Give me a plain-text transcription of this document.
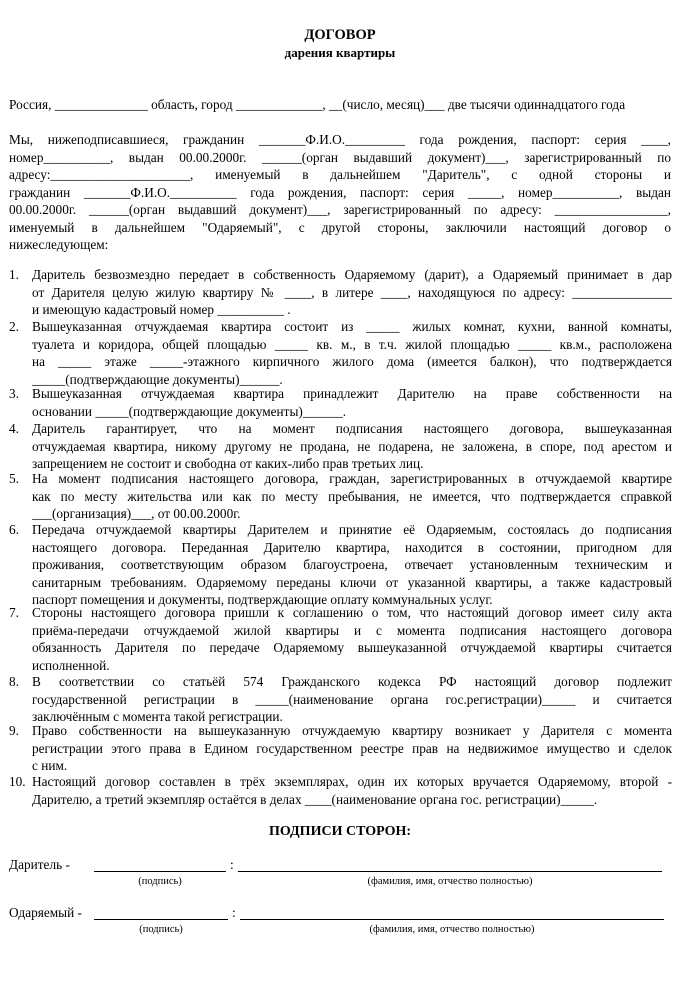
ДОГОВОР
дарения квартиры
Россия, ______________ область, город _____________, __(число, месяц)___ две тысячи одиннадцатого года
Мы, нижеподписавшиеся, гражданин _______Ф.И.О._________ года рождения, паспорт: серия ____,
номер__________, выдан 00.00.2000г. ______(орган выдавший документ)___, зарегистрированный по
адресу:_____________________, именуемый в дальнейшем "Даритель", с одной стороны и
гражданин _______Ф.И.О.__________ года рождения, паспорт: серия _____, номер__________, выдан
00.00.2000г. ______(орган выдавший документ)___, зарегистрированный по адресу: _________________,
именуемый в дальнейшем "Одаряемый", с другой стороны, заключили настоящий договор о
нижеследующем:
1. Даритель безвозмездно передает в собственность Одаряемому (дарит), а Одаряемый принимает в дар
от Дарителя целую жилую квартиру № ____, в литере ____, находящуюся по адресу: _______________
и имеющую кадастровый номер __________ .
2. Вышеуказанная отчуждаемая квартира состоит из _____ жилых комнат, кухни, ванной комнаты,
туалета и коридора, общей площадью _____ кв. м., в т.ч. жилой площадью _____ кв.м., расположена
на _____ этаже _____-этажного кирпичного жилого дома (имеется балкон), что подтверждается
_____(подтверждающие документы)______.
3. Вышеуказанная отчуждаемая квартира принадлежит Дарителю на праве собственности на
основании _____(подтверждающие документы)______.
4. Даритель гарантирует, что на момент подписания настоящего договора, вышеуказанная
отчуждаемая квартира, никому другому не продана, не подарена, не заложена, в споре, под арестом и
запрещением не состоит и свободна от каких-либо прав третьих лиц.
5. На момент подписания настоящего договора, граждан, зарегистрированных в отчуждаемой квартире
как по месту жительства или как по месту пребывания, не имеется, что подтверждается справкой
___(организация)___, от 00.00.2000г.
6. Передача отчуждаемой квартиры Дарителем и принятие её Одаряемым, состоялась до подписания
настоящего договора. Переданная Дарителю квартира, находится в состоянии, пригодном для
проживания, соответствующим образом благоустроена, отвечает установленным техническим и
санитарным требованиям. Одаряемому переданы ключи от указанной квартиры, а также кадастровый
паспорт помещения и документы, подтверждающие оплату коммунальных услуг.
7. Стороны настоящего договора пришли к соглашению о том, что настоящий договор имеет силу акта
приёма-передачи отчуждаемой жилой квартиры и с момента подписания настоящего договора
обязанность Дарителя по передаче Одаряемому вышеуказанной отчуждаемой квартиры считается
исполненной.
8. В соответствии со статьёй 574 Гражданского кодекса РФ настоящий договор подлежит
государственной регистрации в _____(наименование органа гос.регистрации)_____ и считается
заключённым с момента такой регистрации.
9. Право собственности на вышеуказанную отчуждаемую квартиру возникает у Дарителя с момента
регистрации этого права в Едином государственном реестре прав на недвижимое имущество и сделок
с ним.
10. Настоящий договор составлен в трёх экземплярах, один их которых вручается Одаряемому, второй -
Дарителю, а третий экземпляр остаётся в делах ____(наименование органа гос. регистрации)_____.
ПОДПИСИ СТОРОН:
Даритель -	:
(подпись)	(фамилия, имя, отчество полностью)
Одаряемый -	:
(подпись)	(фамилия, имя, отчество полностью)
